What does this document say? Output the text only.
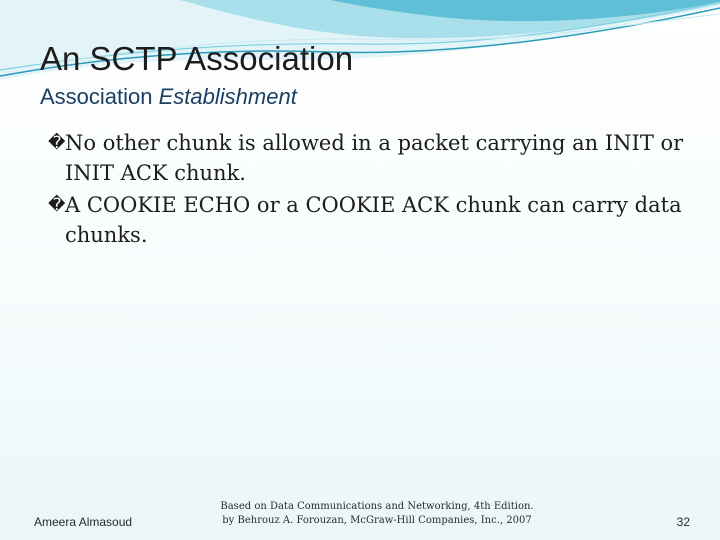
An SCTP Association
Association Establishment
� No other chunk is allowed in a packet carrying an INIT or INIT ACK chunk.
� A COOKIE ECHO or a COOKIE ACK chunk can carry data chunks.
Ameera Almasoud
Based on Data Communications and Networking, 4th Edition.
by Behrouz A. Forouzan, McGraw-Hill Companies, Inc., 2007	32
